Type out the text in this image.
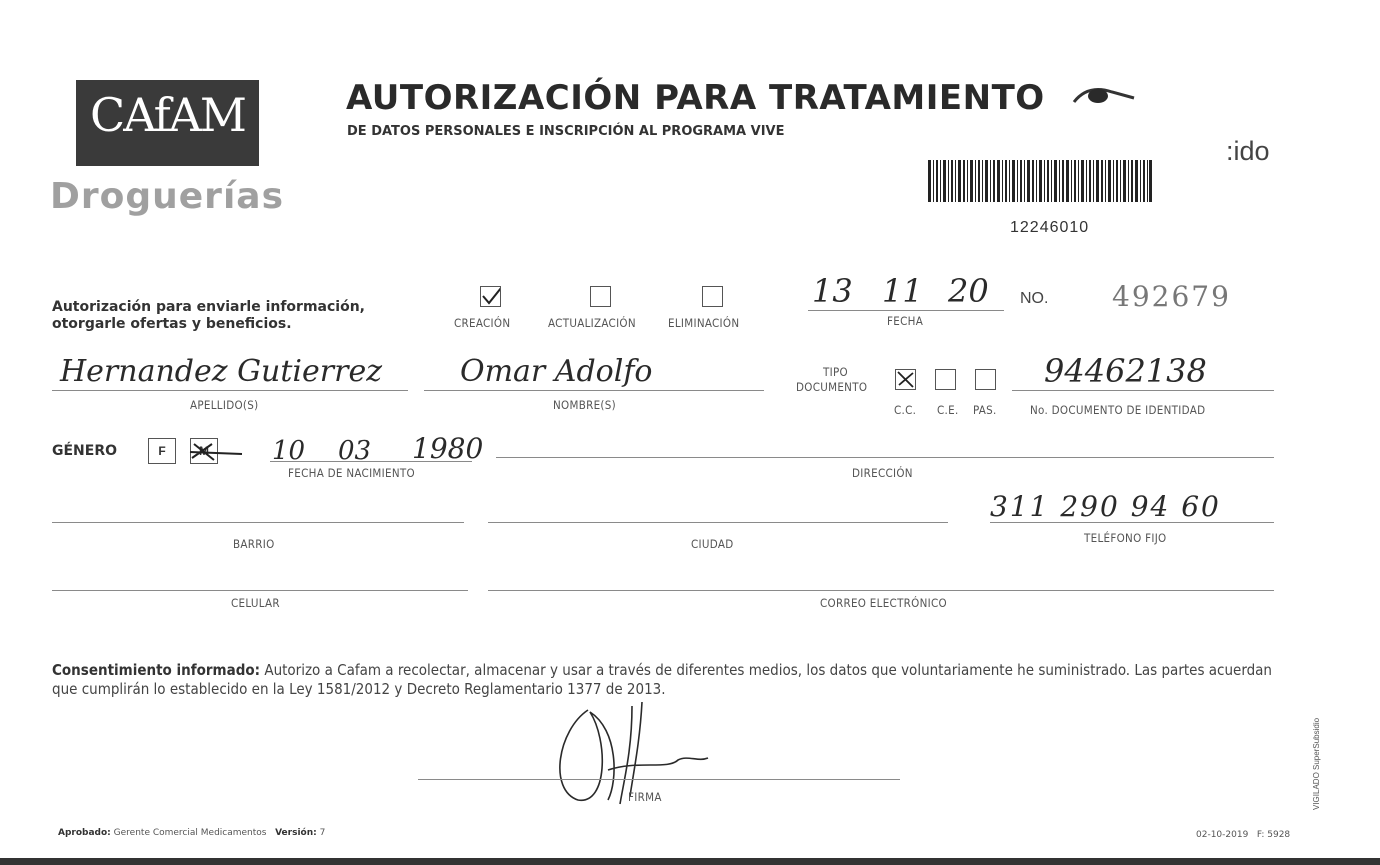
CAfAM
Droguerías
AUTORIZACIÓN PARA TRATAMIENTO
DE DATOS PERSONALES E INSCRIPCIÓN AL PROGRAMA VIVE
:ido
12246010
Autorización para enviarle información,
otorgarle ofertas y beneficios.	CREACIÓN	ACTUALIZACIÓN	ELIMINACIÓN
13 11 20
FECHA
NO. 492679
Hernandez Gutierrez
APELLIDO(S)
Omar Adolfo
NOMBRE(S)
TIPO
DOCUMENTO
C.C. C.E. PAS.
94462138
No. DOCUMENTO DE IDENTIDAD
GÉNERO	F	M	10 03 1980
FECHA DE NACIMIENTO	DIRECCIÓN
BARRIO	CIUDAD
311 290 94 60
TELÉFONO FIJO
CELULAR	CORREO ELECTRÓNICO
Consentimiento informado: Autorizo a Cafam a recolectar, almacenar y usar a través de diferentes medios, los datos que voluntariamente he suministrado. Las partes acuerdan que cumplirán lo establecido en la Ley 1581/2012 y Decreto Reglamentario 1377 de 2013.
FIRMA
Aprobado: Gerente Comercial Medicamentos Versión: 7	02-10-2019   F: 5928
VIGILADO SuperSubsidio
